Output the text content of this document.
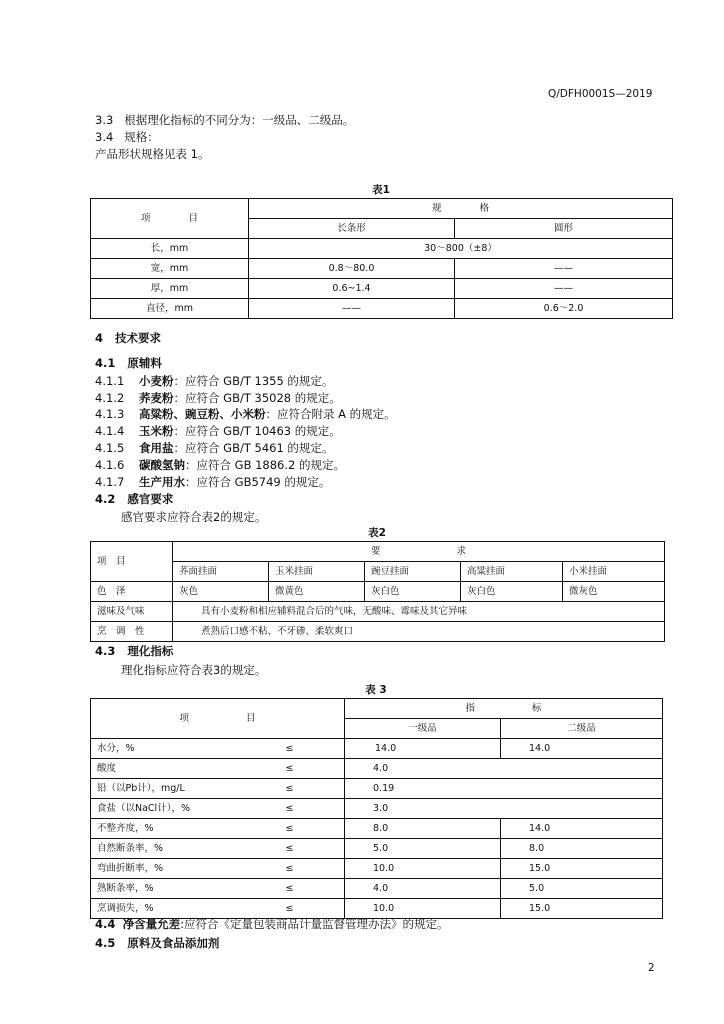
Q/DFH0001S—2019
3.3 根据理化指标的不同分为：一级品、二级品。
3.4 规格：
产品形状规格见表 1。
表1
项　　　　目	规　　　　格	
	长条形	圆形
长，mm	30～800（±8）	
宽，mm	0.8～80.0	——
厚，mm	0.6~1.4	——
直径，mm	——	0.6～2.0
4 技术要求
4.1 原辅料
4.1.1 小麦粉：应符合 GB/T 1355 的规定。
4.1.2 荞麦粉：应符合 GB/T 35028 的规定。
4.1.3 高粱粉、豌豆粉、小米粉：应符合附录 A 的规定。
4.1.4 玉米粉：应符合 GB/T 10463 的规定。
4.1.5 食用盐：应符合 GB/T 5461 的规定。
4.1.6 碳酸氢钠：应符合 GB 1886.2 的规定。
4.1.7 生产用水：应符合 GB5749 的规定。
4.2 感官要求
感官要求应符合表2的规定。
表2
项　目	要　　　　　　　　求				
	荞面挂面	玉米挂面	豌豆挂面	高粱挂面	小米挂面
色　泽	灰色	微黄色	灰白色	灰白色	微灰色
滋味及气味	具有小麦粉和相应辅料混合后的气味，无酸味、霉味及其它异味				
烹　调　性	煮熟后口感不粘、不牙碜、柔软爽口				
4.3 理化指标
理化指标应符合表3的规定。
表 3
项　　　　　　目		指　　　　　　标	
		一级品	二级品
水分，%	≤	14.0	14.0
酸度	≤	4.0	
铅（以Pb计），mg/L	≤	0.19	
食盐（以NaCl计），%	≤	3.0	
不整齐度，%	≤	8.0	14.0
自然断条率，%	≤	5.0	8.0
弯曲折断率，%	≤	10.0	15.0
熟断条率，%	≤	4.0	5.0
烹调损失，%	≤	10.0	15.0
4.4 净含量允差:应符合《定量包装商品计量监督管理办法》的规定。
4.5 原料及食品添加剂
2
